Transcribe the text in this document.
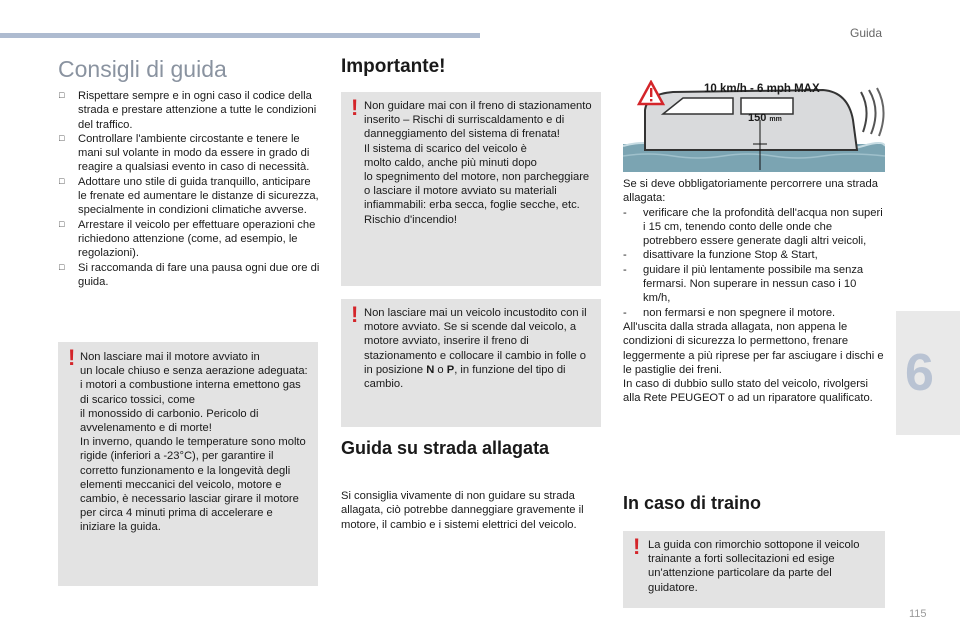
Guida
Consigli di guida
□ Rispettare sempre e in ogni caso il codice della strada e prestare attenzione a tutte le condizioni del traffico.
□ Controllare l'ambiente circostante e tenere le mani sul volante in modo da essere in grado di reagire a qualsiasi evento in caso di necessità.
□ Adottare uno stile di guida tranquillo, anticipare le frenate ed aumentare le distanze di sicurezza, specialmente in condizioni climatiche avverse.
□ Arrestare il veicolo per effettuare operazioni che richiedono attenzione (come, ad esempio, le regolazioni).
□ Si raccomanda di fare una pausa ogni due ore di guida.
! Non lasciare mai il motore avviato in
un locale chiuso e senza aerazione adeguata: i motori a combustione interna emettono gas di scarico tossici, come
il monossido di carbonio. Pericolo di avvelenamento e di morte!
In inverno, quando le temperature sono molto rigide (inferiori a -23°C), per garantire il corretto funzionamento e la longevità degli elementi meccanici del veicolo, motore e cambio, è necessario lasciar girare il motore per circa 4 minuti prima di accelerare e iniziare la guida.

Importante!
! Non guidare mai con il freno di stazionamento inserito – Rischi di surriscaldamento e di danneggiamento del sistema di frenata!
Il sistema di scarico del veicolo è
molto caldo, anche più minuti dopo
lo spegnimento del motore, non parcheggiare o lasciare il motore avviato su materiali infiammabili: erba secca, foglie secche, etc. Rischio d'incendio!

! Non lasciare mai un veicolo incustodito con il motore avviato. Se si scende dal veicolo, a motore avviato, inserire il freno di stazionamento e collocare il cambio in folle o in posizione N o P, in funzione del tipo di cambio.

Guida su strada allagata

Si consiglia vivamente di non guidare su strada allagata, ciò potrebbe danneggiare gravemente il motore, il cambio e i sistemi elettrici del veicolo.

10 km/h - 6 mph MAX
150 mm
Se si deve obbligatoriamente percorrere una strada allagata:
- verificare che la profondità dell'acqua non superi i 15 cm, tenendo conto delle onde che potrebbero essere generate dagli altri veicoli,
- disattivare la funzione Stop & Start,
- guidare il più lentamente possibile ma senza fermarsi. Non superare in nessun caso i 10 km/h,
- non fermarsi e non spegnere il motore.
All'uscita dalla strada allagata, non appena le condizioni di sicurezza lo permettono, frenare leggermente a più riprese per far asciugare i dischi e le pastiglie dei freni.
In caso di dubbio sullo stato del veicolo, rivolgersi alla Rete PEUGEOT o ad un riparatore qualificato.
In caso di traino
! La guida con rimorchio sottopone il veicolo trainante a forti sollecitazioni ed esige un'attenzione particolare da parte del guidatore.

6
115
